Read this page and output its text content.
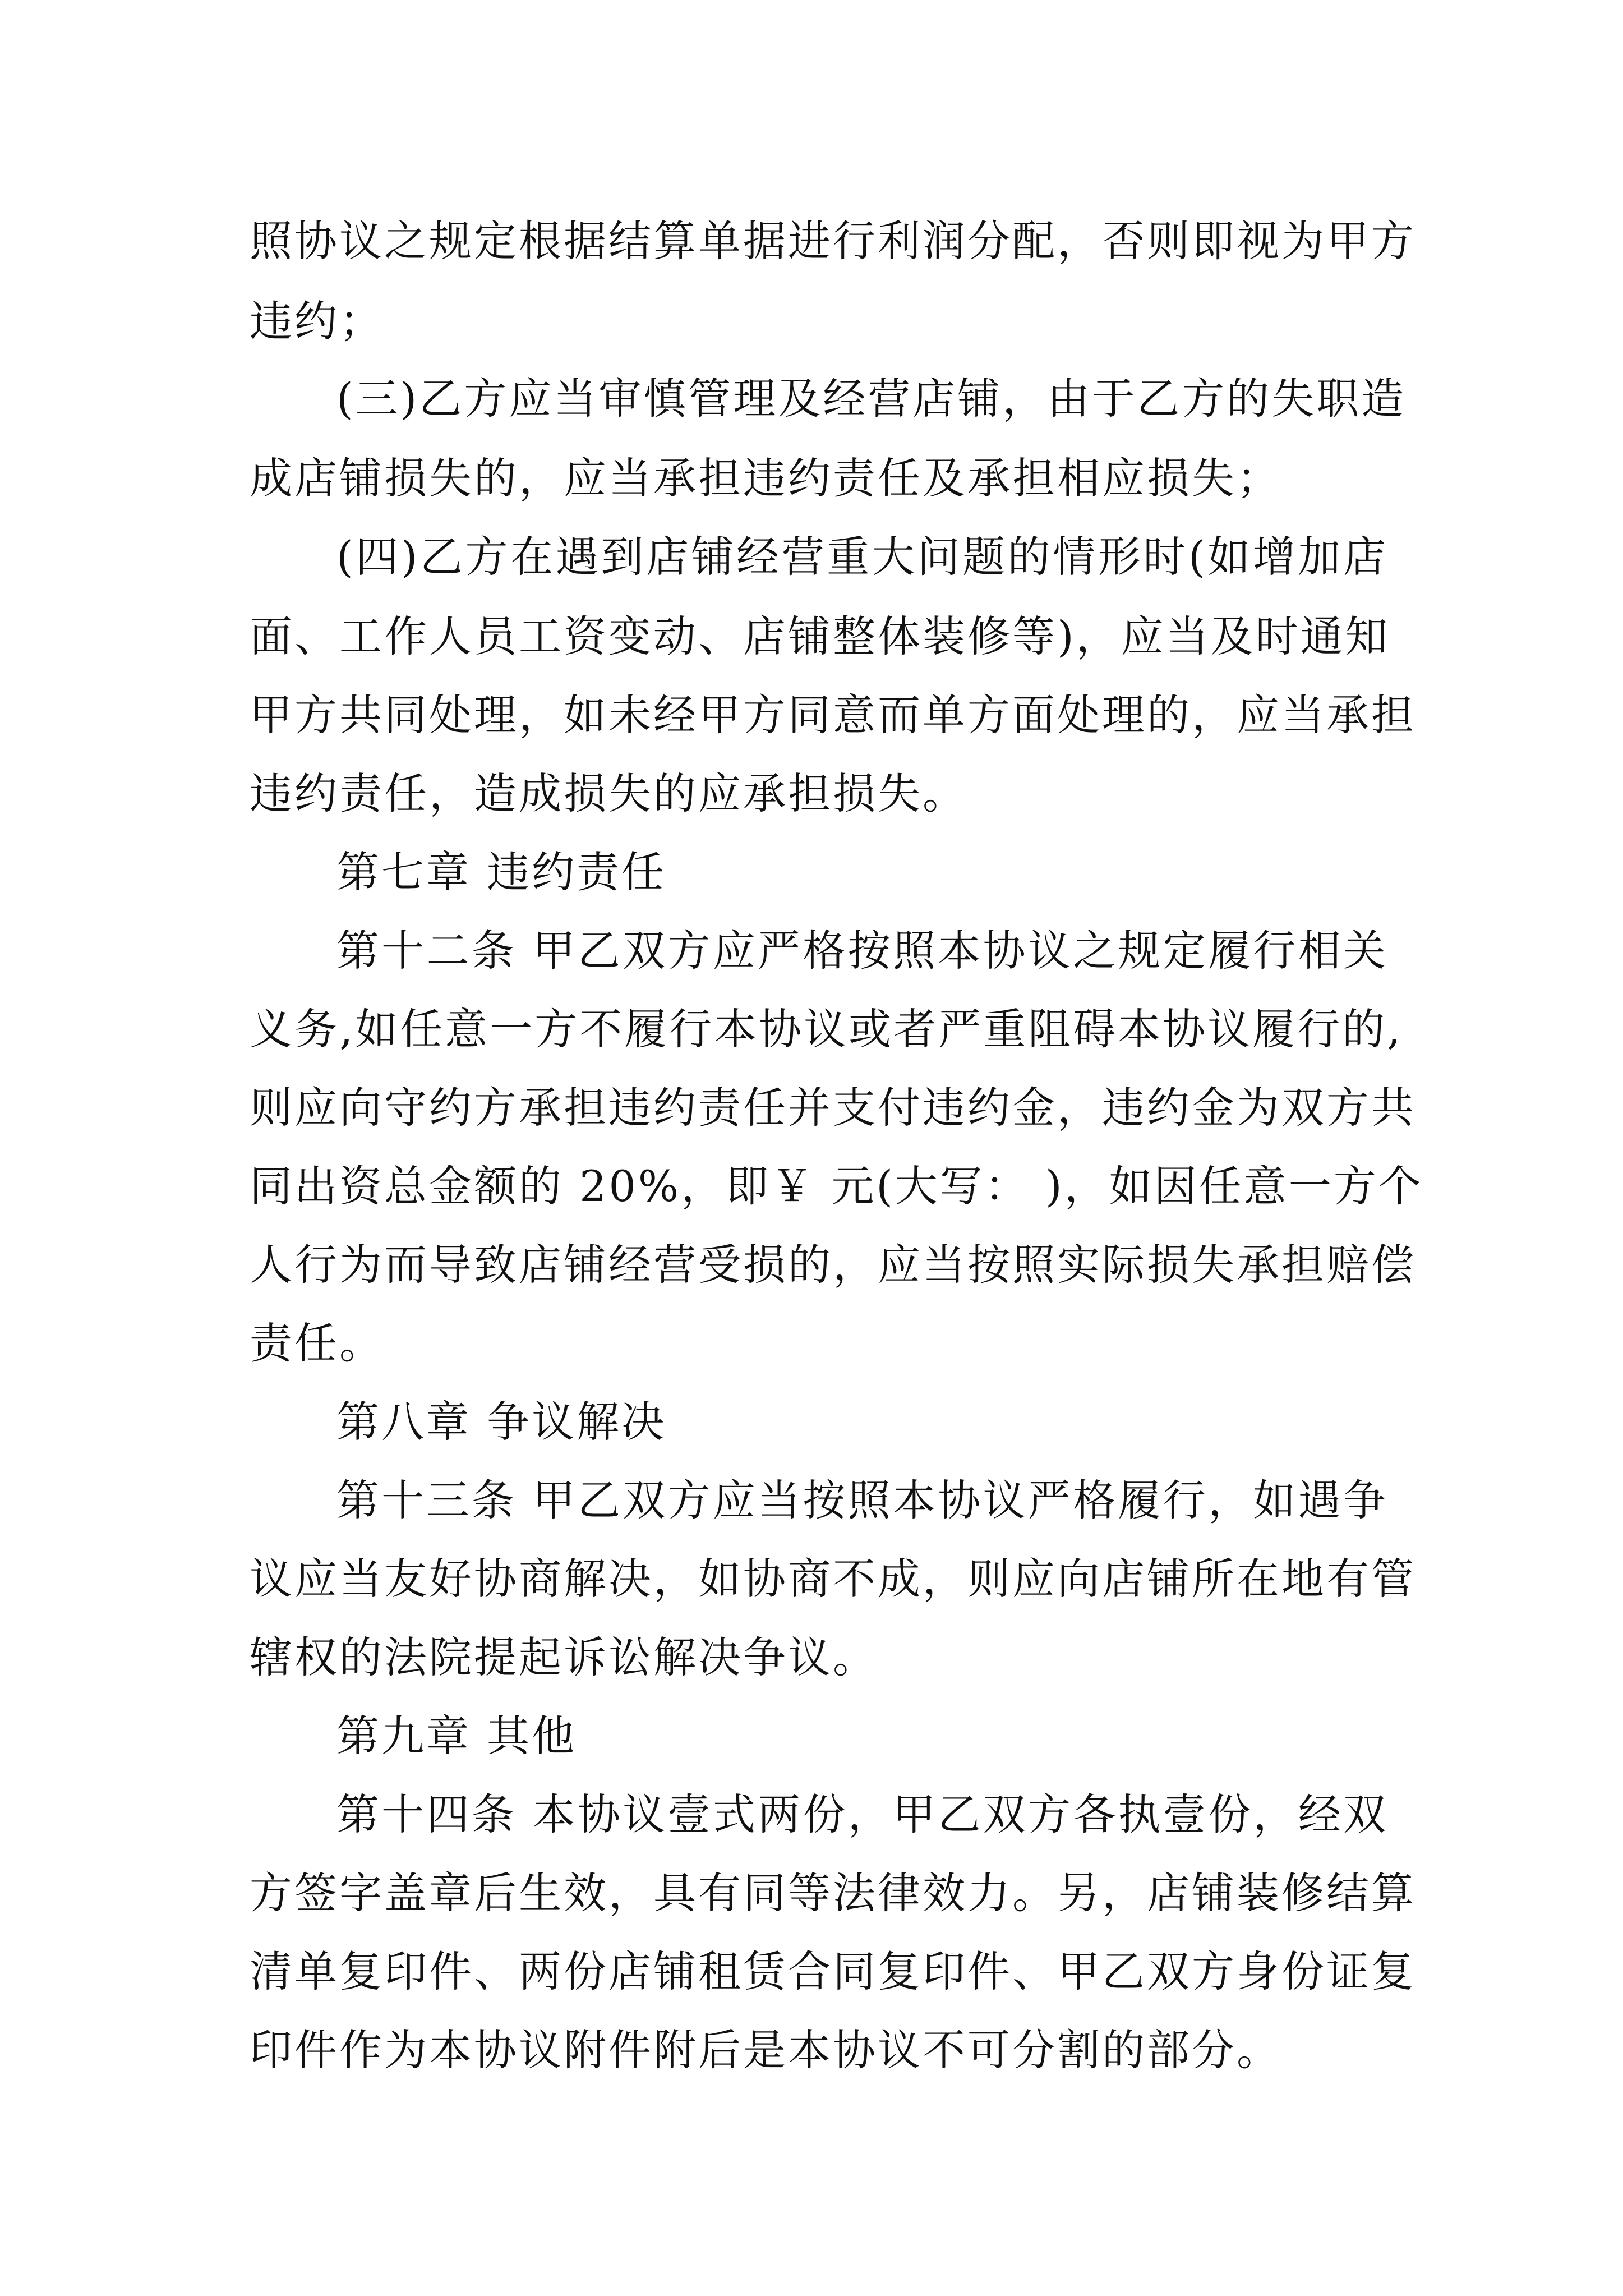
照协议之规定根据结算单据进行利润分配，否则即视为甲方
违约；
(三)乙方应当审慎管理及经营店铺，由于乙方的失职造
成店铺损失的，应当承担违约责任及承担相应损失；
(四)乙方在遇到店铺经营重大问题的情形时(如增加店
面、工作人员工资变动、店铺整体装修等)，应当及时通知
甲方共同处理，如未经甲方同意而单方面处理的，应当承担
违约责任，造成损失的应承担损失。
第七章 违约责任
第十二条 甲乙双方应严格按照本协议之规定履行相关
义务,如任意一方不履行本协议或者严重阻碍本协议履行的,
则应向守约方承担违约责任并支付违约金，违约金为双方共
同出资总金额的 20%，即￥ 元(大写： )，如因任意一方个
人行为而导致店铺经营受损的，应当按照实际损失承担赔偿
责任。
第八章 争议解决
第十三条 甲乙双方应当按照本协议严格履行，如遇争
议应当友好协商解决，如协商不成，则应向店铺所在地有管
辖权的法院提起诉讼解决争议。
第九章 其他
第十四条 本协议壹式两份，甲乙双方各执壹份，经双
方签字盖章后生效，具有同等法律效力。另，店铺装修结算
清单复印件、两份店铺租赁合同复印件、甲乙双方身份证复
印件作为本协议附件附后是本协议不可分割的部分。
